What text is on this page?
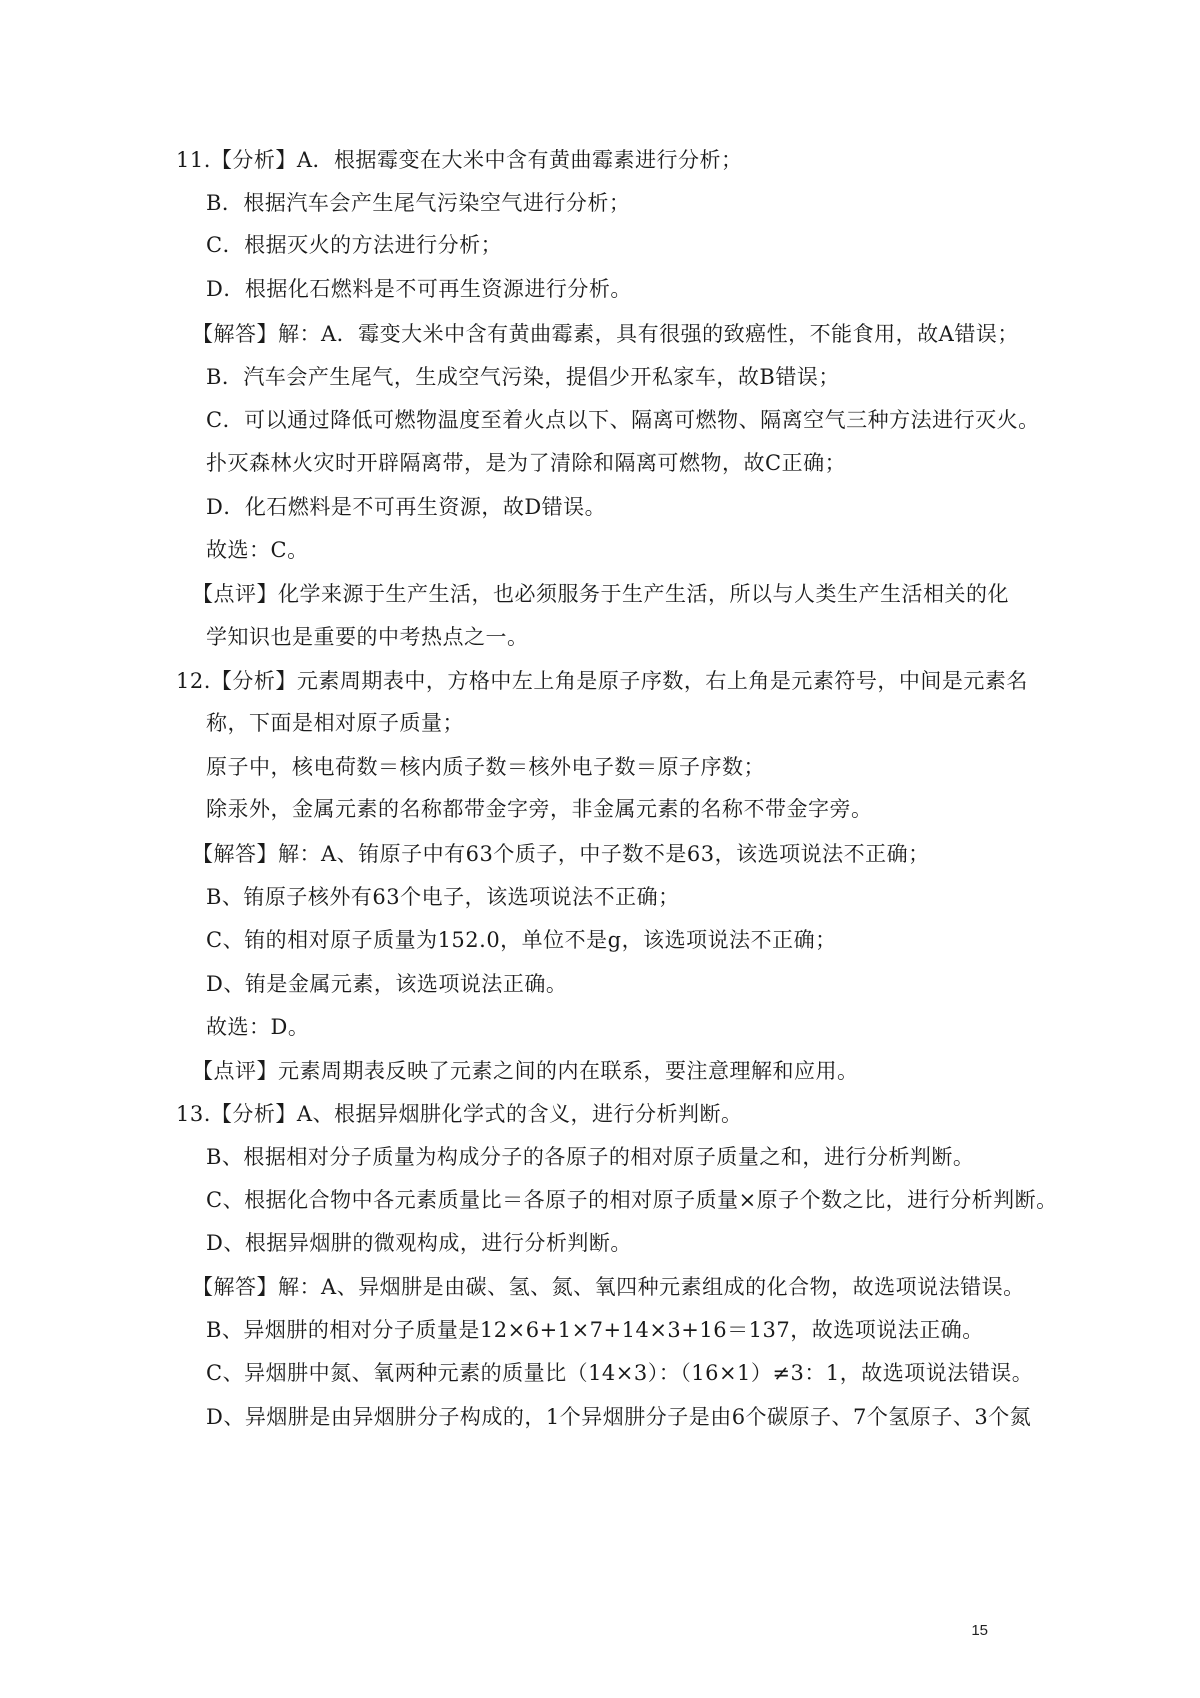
11.【分析】A．根据霉变在大米中含有黄曲霉素进行分析；
B．根据汽车会产生尾气污染空气进行分析；
C．根据灭火的方法进行分析；
D．根据化石燃料是不可再生资源进行分析。
【解答】解：A．霉变大米中含有黄曲霉素，具有很强的致癌性，不能食用，故A错误；
B．汽车会产生尾气，生成空气污染，提倡少开私家车，故B错误；
C．可以通过降低可燃物温度至着火点以下、隔离可燃物、隔离空气三种方法进行灭火。
扑灭森林火灾时开辟隔离带，是为了清除和隔离可燃物，故C正确；
D．化石燃料是不可再生资源，故D错误。
故选：C。
【点评】化学来源于生产生活，也必须服务于生产生活，所以与人类生产生活相关的化
学知识也是重要的中考热点之一。
12.【分析】元素周期表中，方格中左上角是原子序数，右上角是元素符号，中间是元素名
称，下面是相对原子质量；
原子中，核电荷数＝核内质子数＝核外电子数＝原子序数；
除汞外，金属元素的名称都带金字旁，非金属元素的名称不带金字旁。
【解答】解：A、铕原子中有63个质子，中子数不是63，该选项说法不正确；
B、铕原子核外有63个电子，该选项说法不正确；
C、铕的相对原子质量为152.0，单位不是g，该选项说法不正确；
D、铕是金属元素，该选项说法正确。
故选：D。
【点评】元素周期表反映了元素之间的内在联系，要注意理解和应用。
13.【分析】A、根据异烟肼化学式的含义，进行分析判断。
B、根据相对分子质量为构成分子的各原子的相对原子质量之和，进行分析判断。
C、根据化合物中各元素质量比＝各原子的相对原子质量×原子个数之比，进行分析判断。
D、根据异烟肼的微观构成，进行分析判断。
【解答】解：A、异烟肼是由碳、氢、氮、氧四种元素组成的化合物，故选项说法错误。
B、异烟肼的相对分子质量是12×6+1×7+14×3+16＝137，故选项说法正确。
C、异烟肼中氮、氧两种元素的质量比（14×3）：（16×1）≠3：1，故选项说法错误。
D、异烟肼是由异烟肼分子构成的，1个异烟肼分子是由6个碳原子、7个氢原子、3个氮
15
